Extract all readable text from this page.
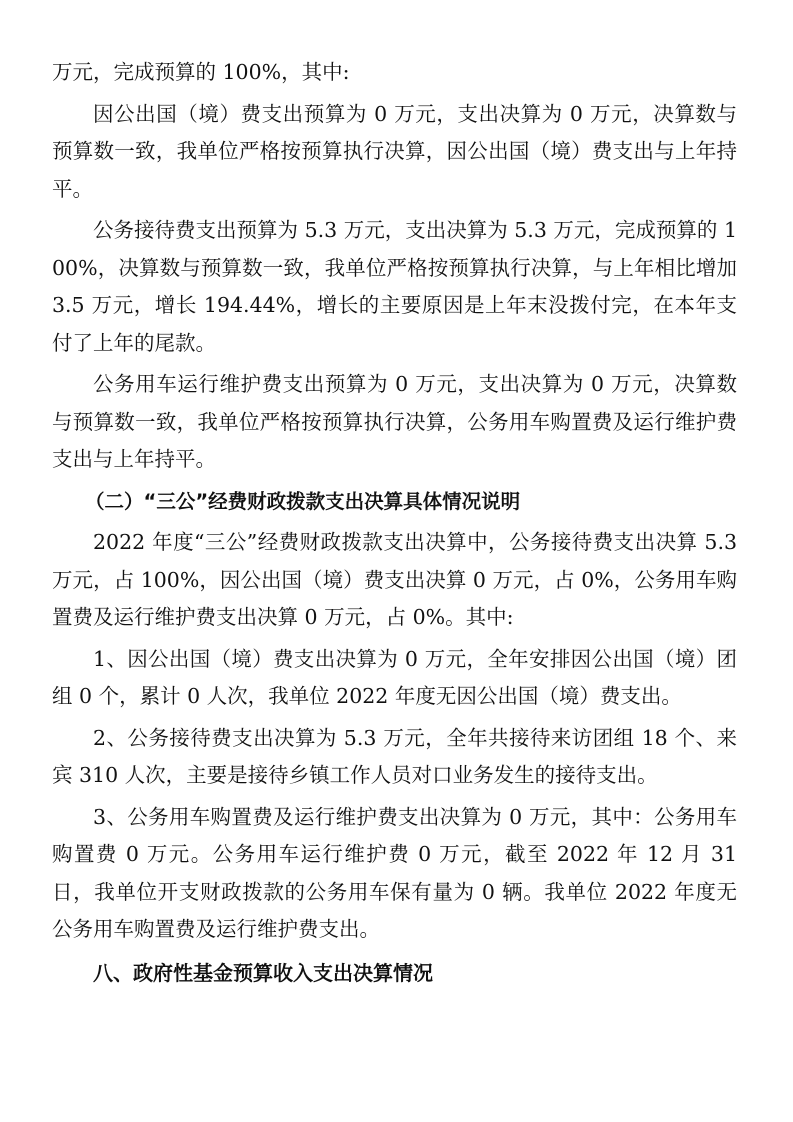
万元，完成预算的 100%，其中:

因公出国（境）费支出预算为 0 万元，支出决算为 0 万元，决算数与预算数一致，我单位严格按预算执行决算，因公出国（境）费支出与上年持平。

公务接待费支出预算为 5.3 万元，支出决算为 5.3 万元，完成预算的 100%，决算数与预算数一致，我单位严格按预算执行决算，与上年相比增加 3.5 万元，增长 194.44%，增长的主要原因是上年末没拨付完，在本年支付了上年的尾款。

公务用车运行维护费支出预算为 0 万元，支出决算为 0 万元，决算数与预算数一致，我单位严格按预算执行决算，公务用车购置费及运行维护费支出与上年持平。

（二）“三公”经费财政拨款支出决算具体情况说明

2022 年度“三公”经费财政拨款支出决算中，公务接待费支出决算 5.3 万元，占 100%，因公出国（境）费支出决算 0 万元，占 0%，公务用车购置费及运行维护费支出决算 0 万元，占 0%。其中:

1、因公出国（境）费支出决算为 0 万元，全年安排因公出国（境）团组 0 个，累计 0 人次，我单位 2022 年度无因公出国（境）费支出。

2、公务接待费支出决算为 5.3 万元，全年共接待来访团组 18 个、来宾 310 人次，主要是接待乡镇工作人员对口业务发生的接待支出。

3、公务用车购置费及运行维护费支出决算为 0 万元，其中：公务用车购置费 0 万元。公务用车运行维护费 0 万元，截至 2022 年 12 月 31 日，我单位开支财政拨款的公务用车保有量为 0 辆。我单位 2022 年度无公务用车购置费及运行维护费支出。

八、政府性基金预算收入支出决算情况
